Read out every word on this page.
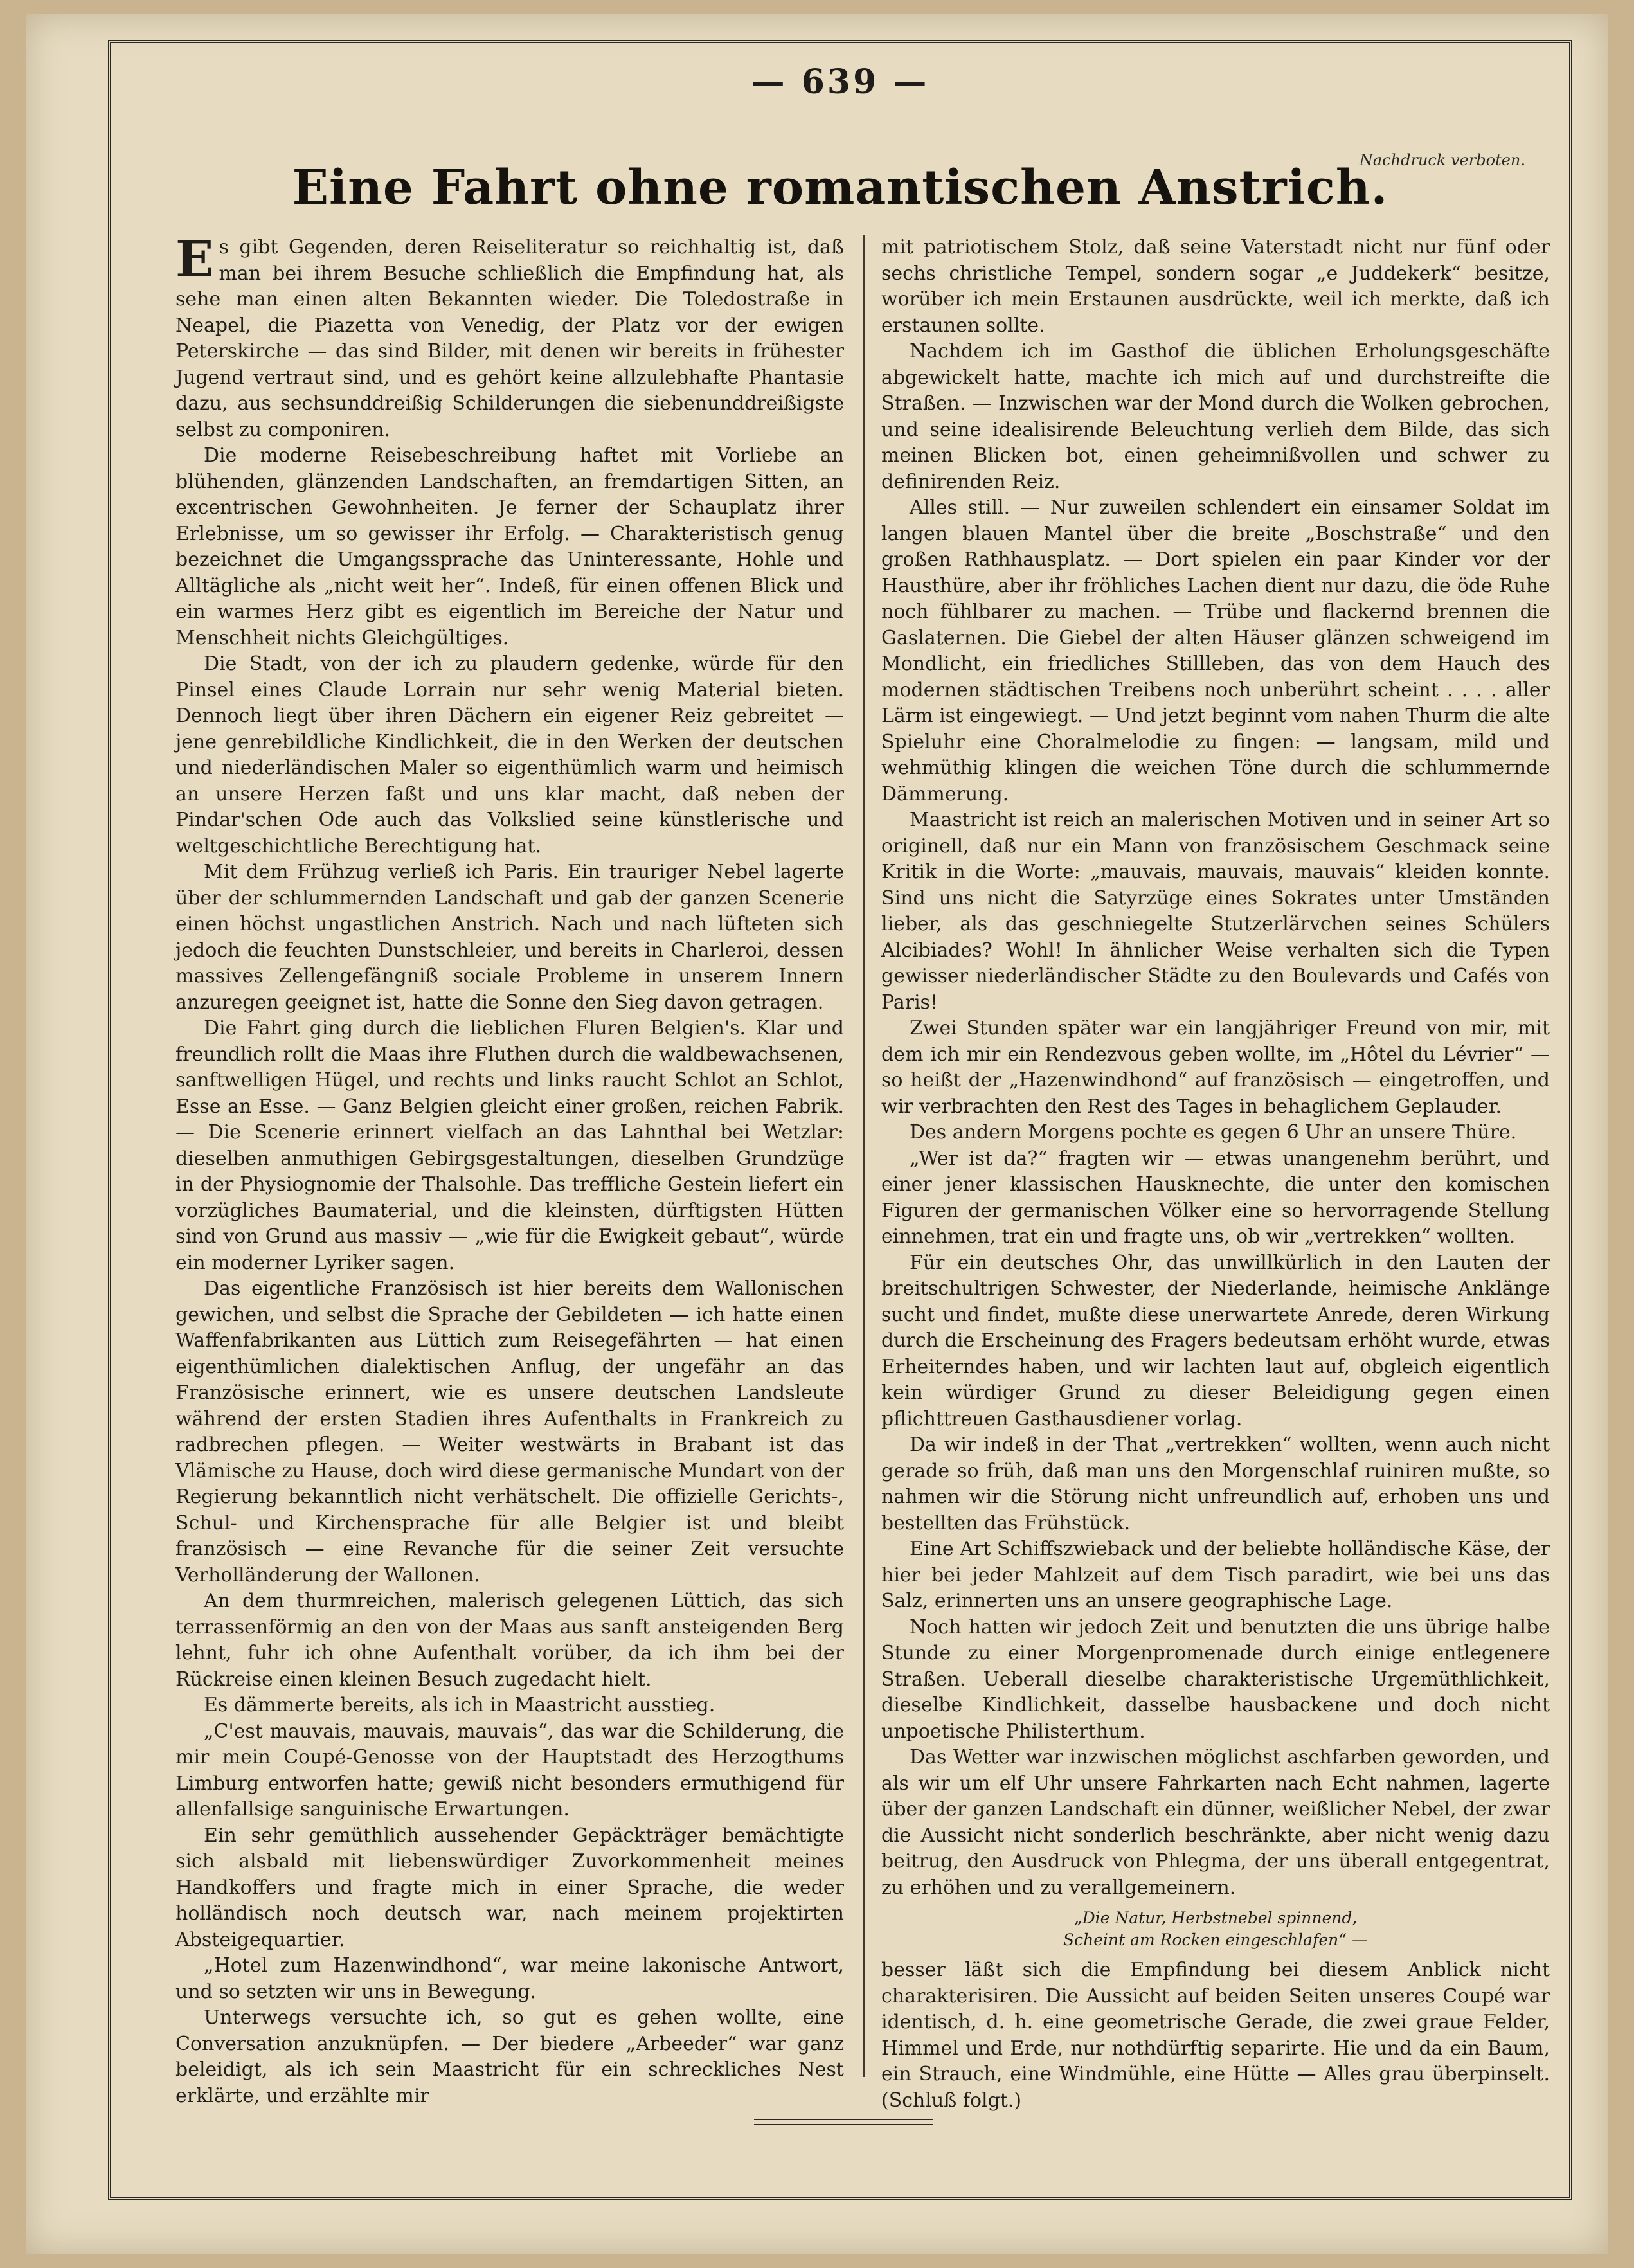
— 639 —
Nachdruck verboten.
Eine Fahrt ohne romantischen Anstrich.

Es gibt Gegenden, deren Reiseliteratur so reichhaltig ist, daß man bei ihrem Besuche schließlich die Empfindung hat, als sehe man einen alten Bekannten wieder. Die Toledostraße in Neapel, die Piazetta von Venedig, der Platz vor der ewigen Peterskirche — das sind Bilder, mit denen wir bereits in frühester Jugend vertraut sind, und es gehört keine allzulebhafte Phantasie dazu, aus sechsunddreißig Schilderungen die siebenunddreißigste selbst zu componiren.

Die moderne Reisebeschreibung haftet mit Vorliebe an blühenden, glänzenden Landschaften, an fremdartigen Sitten, an excentrischen Gewohnheiten. Je ferner der Schauplatz ihrer Erlebnisse, um so gewisser ihr Erfolg. — Charakteristisch genug bezeichnet die Umgangssprache das Uninteressante, Hohle und Alltägliche als „nicht weit her“. Indeß, für einen offenen Blick und ein warmes Herz gibt es eigentlich im Bereiche der Natur und Menschheit nichts Gleichgültiges.

Die Stadt, von der ich zu plaudern gedenke, würde für den Pinsel eines Claude Lorrain nur sehr wenig Material bieten. Dennoch liegt über ihren Dächern ein eigener Reiz gebreitet — jene genrebildliche Kindlichkeit, die in den Werken der deutschen und niederländischen Maler so eigenthümlich warm und heimisch an unsere Herzen faßt und uns klar macht, daß neben der Pindar'schen Ode auch das Volkslied seine künstlerische und weltgeschichtliche Berechtigung hat.

Mit dem Frühzug verließ ich Paris. Ein trauriger Nebel lagerte über der schlummernden Landschaft und gab der ganzen Scenerie einen höchst ungastlichen Anstrich. Nach und nach lüfteten sich jedoch die feuchten Dunstschleier, und bereits in Charleroi, dessen massives Zellengefängniß sociale Probleme in unserem Innern anzuregen geeignet ist, hatte die Sonne den Sieg davon getragen.

Die Fahrt ging durch die lieblichen Fluren Belgien's. Klar und freundlich rollt die Maas ihre Fluthen durch die waldbewachsenen, sanftwelligen Hügel, und rechts und links raucht Schlot an Schlot, Esse an Esse. — Ganz Belgien gleicht einer großen, reichen Fabrik. — Die Scenerie erinnert vielfach an das Lahnthal bei Wetzlar: dieselben anmuthigen Gebirgsgestaltungen, dieselben Grundzüge in der Physiognomie der Thalsohle. Das treffliche Gestein liefert ein vorzügliches Baumaterial, und die kleinsten, dürftigsten Hütten sind von Grund aus massiv — „wie für die Ewigkeit gebaut“, würde ein moderner Lyriker sagen.

Das eigentliche Französisch ist hier bereits dem Wallonischen gewichen, und selbst die Sprache der Gebildeten — ich hatte einen Waffenfabrikanten aus Lüttich zum Reisegefährten — hat einen eigenthümlichen dialektischen Anflug, der ungefähr an das Französische erinnert, wie es unsere deutschen Landsleute während der ersten Stadien ihres Aufenthalts in Frankreich zu radbrechen pflegen. — Weiter westwärts in Brabant ist das Vlämische zu Hause, doch wird diese germanische Mundart von der Regierung bekanntlich nicht verhätschelt. Die offizielle Gerichts-, Schul- und Kirchensprache für alle Belgier ist und bleibt französisch — eine Revanche für die seiner Zeit versuchte Verholländerung der Wallonen.

An dem thurmreichen, malerisch gelegenen Lüttich, das sich terrassenförmig an den von der Maas aus sanft ansteigenden Berg lehnt, fuhr ich ohne Aufenthalt vorüber, da ich ihm bei der Rückreise einen kleinen Besuch zugedacht hielt.

Es dämmerte bereits, als ich in Maastricht ausstieg.

„C'est mauvais, mauvais, mauvais“, das war die Schilderung, die mir mein Coupé-Genosse von der Hauptstadt des Herzogthums Limburg entworfen hatte; gewiß nicht besonders ermuthigend für allenfallsige sanguinische Erwartungen.

Ein sehr gemüthlich aussehender Gepäckträger bemächtigte sich alsbald mit liebenswürdiger Zuvorkommenheit meines Handkoffers und fragte mich in einer Sprache, die weder holländisch noch deutsch war, nach meinem projektirten Absteigequartier.

„Hotel zum Hazenwindhond“, war meine lakonische Antwort, und so setzten wir uns in Bewegung.

Unterwegs versuchte ich, so gut es gehen wollte, eine Conversation anzuknüpfen. — Der biedere „Arbeeder“ war ganz beleidigt, als ich sein Maastricht für ein schreckliches Nest erklärte, und erzählte mir

mit patriotischem Stolz, daß seine Vaterstadt nicht nur fünf oder sechs christliche Tempel, sondern sogar „e Juddekerk“ besitze, worüber ich mein Erstaunen ausdrückte, weil ich merkte, daß ich erstaunen sollte.

Nachdem ich im Gasthof die üblichen Erholungsgeschäfte abgewickelt hatte, machte ich mich auf und durchstreifte die Straßen. — Inzwischen war der Mond durch die Wolken gebrochen, und seine idealisirende Beleuchtung verlieh dem Bilde, das sich meinen Blicken bot, einen geheimnißvollen und schwer zu definirenden Reiz.

Alles still. — Nur zuweilen schlendert ein einsamer Soldat im langen blauen Mantel über die breite „Boschstraße“ und den großen Rathhausplatz. — Dort spielen ein paar Kinder vor der Hausthüre, aber ihr fröhliches Lachen dient nur dazu, die öde Ruhe noch fühlbarer zu machen. — Trübe und flackernd brennen die Gaslaternen. Die Giebel der alten Häuser glänzen schweigend im Mondlicht, ein friedliches Stillleben, das von dem Hauch des modernen städtischen Treibens noch unberührt scheint . . . . aller Lärm ist eingewiegt. — Und jetzt beginnt vom nahen Thurm die alte Spieluhr eine Choralmelodie zu fingen: — langsam, mild und wehmüthig klingen die weichen Töne durch die schlummernde Dämmerung.

Maastricht ist reich an malerischen Motiven und in seiner Art so originell, daß nur ein Mann von französischem Geschmack seine Kritik in die Worte: „mauvais, mauvais, mauvais“ kleiden konnte. Sind uns nicht die Satyrzüge eines Sokrates unter Umständen lieber, als das geschniegelte Stutzerlärvchen seines Schülers Alcibiades? Wohl! In ähnlicher Weise verhalten sich die Typen gewisser niederländischer Städte zu den Boulevards und Cafés von Paris!

Zwei Stunden später war ein langjähriger Freund von mir, mit dem ich mir ein Rendezvous geben wollte, im „Hôtel du Lévrier“ — so heißt der „Hazenwindhond“ auf französisch — eingetroffen, und wir verbrachten den Rest des Tages in behaglichem Geplauder.

Des andern Morgens pochte es gegen 6 Uhr an unsere Thüre.

„Wer ist da?“ fragten wir — etwas unangenehm berührt, und einer jener klassischen Hausknechte, die unter den komischen Figuren der germanischen Völker eine so hervorragende Stellung einnehmen, trat ein und fragte uns, ob wir „vertrekken“ wollten.

Für ein deutsches Ohr, das unwillkürlich in den Lauten der breitschultrigen Schwester, der Niederlande, heimische Anklänge sucht und findet, mußte diese unerwartete Anrede, deren Wirkung durch die Erscheinung des Fragers bedeutsam erhöht wurde, etwas Erheiterndes haben, und wir lachten laut auf, obgleich eigentlich kein würdiger Grund zu dieser Beleidigung gegen einen pflichttreuen Gasthausdiener vorlag.

Da wir indeß in der That „vertrekken“ wollten, wenn auch nicht gerade so früh, daß man uns den Morgenschlaf ruiniren mußte, so nahmen wir die Störung nicht unfreundlich auf, erhoben uns und bestellten das Frühstück.

Eine Art Schiffszwieback und der beliebte holländische Käse, der hier bei jeder Mahlzeit auf dem Tisch paradirt, wie bei uns das Salz, erinnerten uns an unsere geographische Lage.

Noch hatten wir jedoch Zeit und benutzten die uns übrige halbe Stunde zu einer Morgenpromenade durch einige entlegenere Straßen. Ueberall dieselbe charakteristische Urgemüthlichkeit, dieselbe Kindlichkeit, dasselbe hausbackene und doch nicht unpoetische Philisterthum.

Das Wetter war inzwischen möglichst aschfarben geworden, und als wir um elf Uhr unsere Fahrkarten nach Echt nahmen, lagerte über der ganzen Landschaft ein dünner, weißlicher Nebel, der zwar die Aussicht nicht sonderlich beschränkte, aber nicht wenig dazu beitrug, den Ausdruck von Phlegma, der uns überall entgegentrat, zu erhöhen und zu verallgemeinern.

„Die Natur, Herbstnebel spinnend,
Scheint am Rocken eingeschlafen“ —

besser läßt sich die Empfindung bei diesem Anblick nicht charakterisiren. Die Aussicht auf beiden Seiten unseres Coupé war identisch, d. h. eine geometrische Gerade, die zwei graue Felder, Himmel und Erde, nur nothdürftig separirte. Hie und da ein Baum, ein Strauch, eine Windmühle, eine Hütte — Alles grau überpinselt. (Schluß folgt.)
